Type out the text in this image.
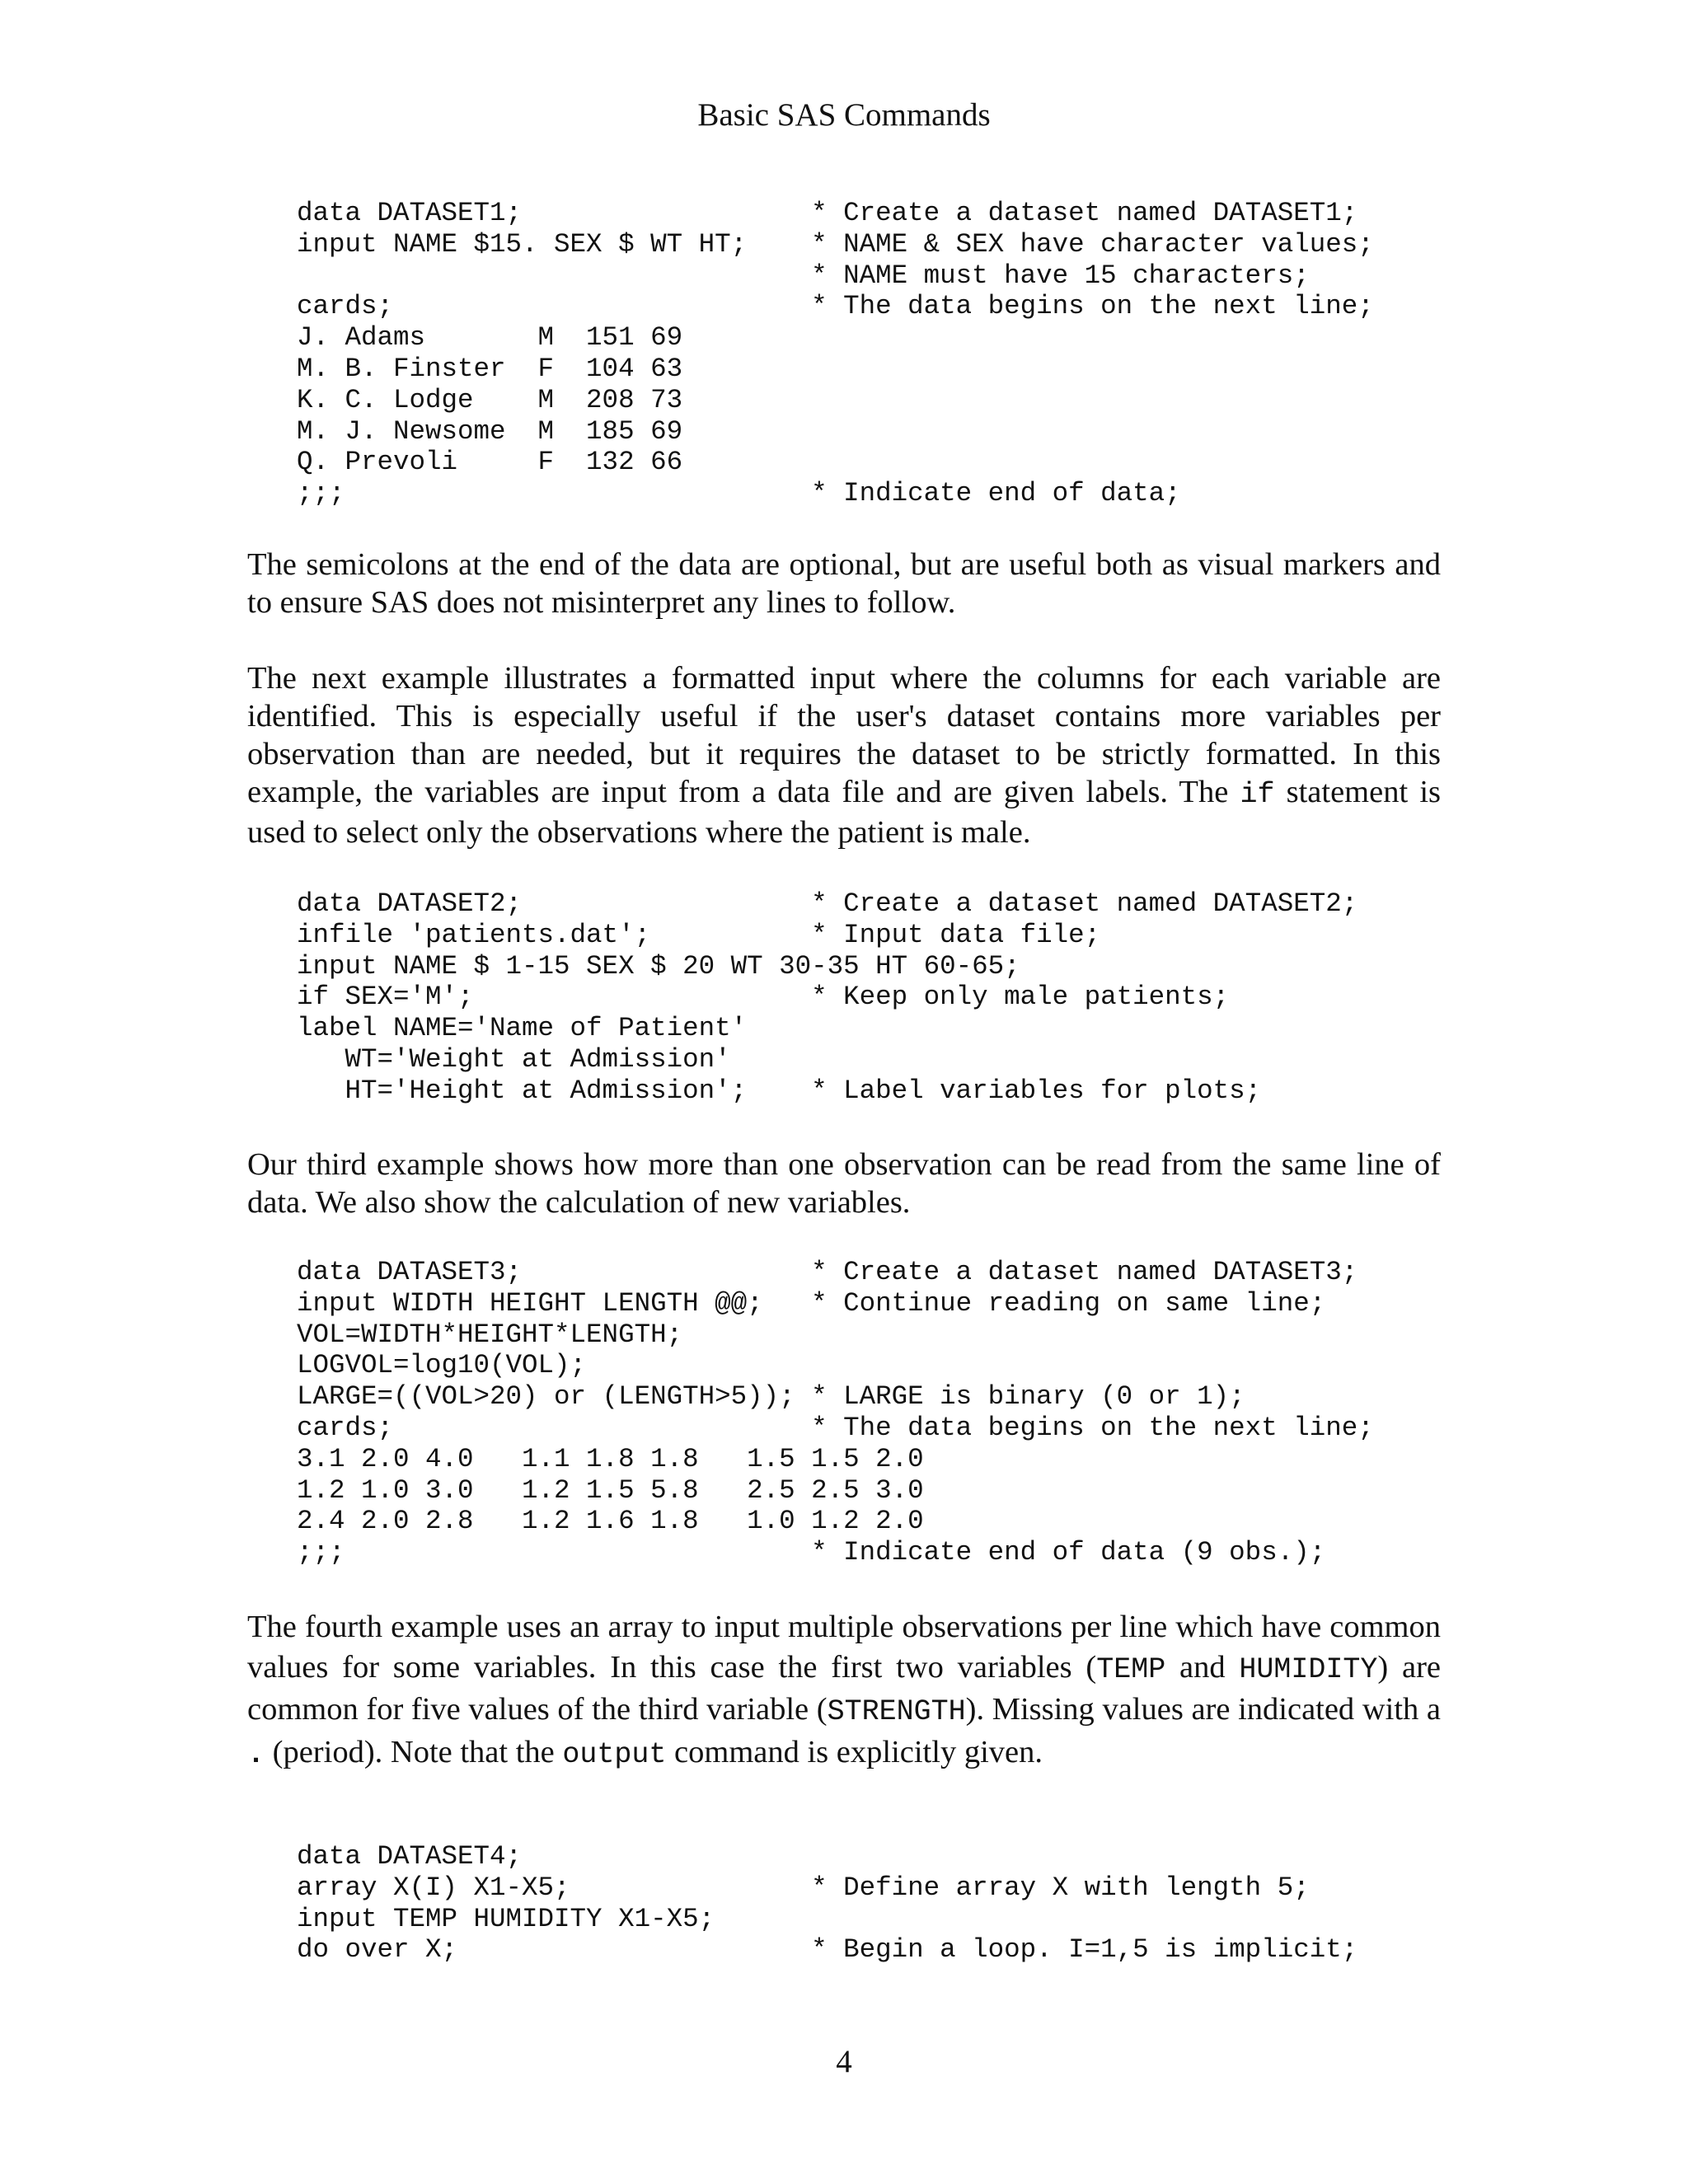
Basic SAS Commands
data DATASET1;                  * Create a dataset named DATASET1;
input NAME $15. SEX $ WT HT;    * NAME & SEX have character values;
* NAME must have 15 characters;
cards;                          * The data begins on the next line;
J. Adams       M  151 69
M. B. Finster  F  104 63
K. C. Lodge    M  208 73
M. J. Newsome  M  185 69
Q. Prevoli     F  132 66
;;;                             * Indicate end of data;

The semicolons at the end of the data are optional, but are useful both as visual markers and to ensure SAS does not misinterpret any lines to follow.

The next example illustrates a formatted input where the columns for each variable are identified. This is especially useful if the user's dataset contains more variables per observation than are needed, but it requires the dataset to be strictly formatted. In this example, the variables are input from a data file and are given labels. The if statement is used to select only the observations where the patient is male.

data DATASET2;                  * Create a dataset named DATASET2;
infile 'patients.dat';          * Input data file;
input NAME $ 1-15 SEX $ 20 WT 30-35 HT 60-65;
if SEX='M';                     * Keep only male patients;
label NAME='Name of Patient'
WT='Weight at Admission'
HT='Height at Admission';    * Label variables for plots;

Our third example shows how more than one observation can be read from the same line of data. We also show the calculation of new variables.

data DATASET3;                  * Create a dataset named DATASET3;
input WIDTH HEIGHT LENGTH @@;   * Continue reading on same line;
VOL=WIDTH*HEIGHT*LENGTH;
LOGVOL=log10(VOL);
LARGE=((VOL>20) or (LENGTH>5)); * LARGE is binary (0 or 1);
cards;                          * The data begins on the next line;
3.1 2.0 4.0   1.1 1.8 1.8   1.5 1.5 2.0
1.2 1.0 3.0   1.2 1.5 5.8   2.5 2.5 3.0
2.4 2.0 2.8   1.2 1.6 1.8   1.0 1.2 2.0
;;;                             * Indicate end of data (9 obs.);

The fourth example uses an array to input multiple observations per line which have common values for some variables. In this case the first two variables (TEMP and HUMIDITY) are common for five values of the third variable (STRENGTH). Missing values are indicated with a . (period). Note that the output command is explicitly given.

data DATASET4;
array X(I) X1-X5;               * Define array X with length 5;
input TEMP HUMIDITY X1-X5;
do over X;                      * Begin a loop. I=1,5 is implicit;
4
